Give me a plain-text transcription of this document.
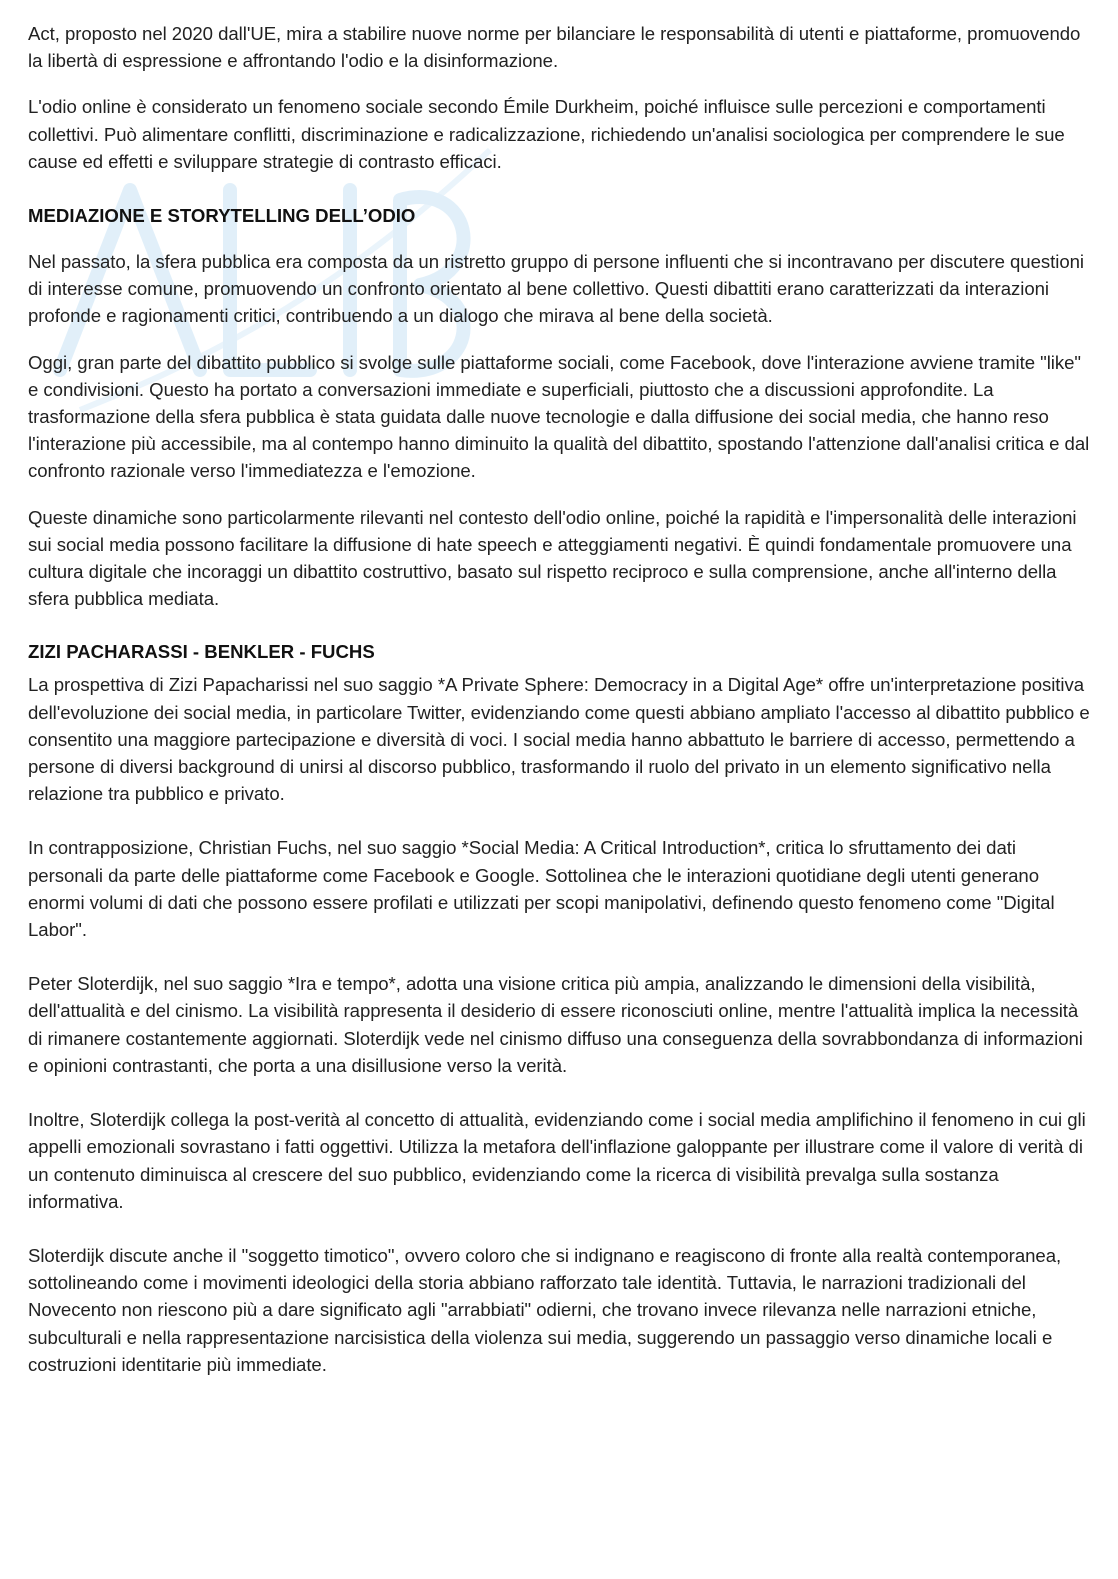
Act, proposto nel 2020 dall'UE, mira a stabilire nuove norme per bilanciare le responsabilità di utenti e piattaforme, promuovendo la libertà di espressione e affrontando l'odio e la disinformazione.

L'odio online è considerato un fenomeno sociale secondo Émile Durkheim, poiché influisce sulle percezioni e comportamenti collettivi. Può alimentare conflitti, discriminazione e radicalizzazione, richiedendo un'analisi sociologica per comprendere le sue cause ed effetti e sviluppare strategie di contrasto efficaci.

MEDIAZIONE E STORYTELLING DELL’ODIO

Nel passato, la sfera pubblica era composta da un ristretto gruppo di persone influenti che si incontravano per discutere questioni di interesse comune, promuovendo un confronto orientato al bene collettivo. Questi dibattiti erano caratterizzati da interazioni profonde e ragionamenti critici, contribuendo a un dialogo che mirava al bene della società.

Oggi, gran parte del dibattito pubblico si svolge sulle piattaforme sociali, come Facebook, dove l'interazione avviene tramite "like" e condivisioni. Questo ha portato a conversazioni immediate e superficiali, piuttosto che a discussioni approfondite. La trasformazione della sfera pubblica è stata guidata dalle nuove tecnologie e dalla diffusione dei social media, che hanno reso l'interazione più accessibile, ma al contempo hanno diminuito la qualità del dibattito, spostando l'attenzione dall'analisi critica e dal confronto razionale verso l'immediatezza e l'emozione.

Queste dinamiche sono particolarmente rilevanti nel contesto dell'odio online, poiché la rapidità e l'impersonalità delle interazioni sui social media possono facilitare la diffusione di hate speech e atteggiamenti negativi. È quindi fondamentale promuovere una cultura digitale che incoraggi un dibattito costruttivo, basato sul rispetto reciproco e sulla comprensione, anche all'interno della sfera pubblica mediata.

ZIZI PACHARASSI - BENKLER - FUCHS

La prospettiva di Zizi Papacharissi nel suo saggio *A Private Sphere: Democracy in a Digital Age* offre un'interpretazione positiva dell'evoluzione dei social media, in particolare Twitter, evidenziando come questi abbiano ampliato l'accesso al dibattito pubblico e consentito una maggiore partecipazione e diversità di voci. I social media hanno abbattuto le barriere di accesso, permettendo a persone di diversi background di unirsi al discorso pubblico, trasformando il ruolo del privato in un elemento significativo nella relazione tra pubblico e privato.

In contrapposizione, Christian Fuchs, nel suo saggio *Social Media: A Critical Introduction*, critica lo sfruttamento dei dati personali da parte delle piattaforme come Facebook e Google. Sottolinea che le interazioni quotidiane degli utenti generano enormi volumi di dati che possono essere profilati e utilizzati per scopi manipolativi, definendo questo fenomeno come "Digital Labor".

Peter Sloterdijk, nel suo saggio *Ira e tempo*, adotta una visione critica più ampia, analizzando le dimensioni della visibilità, dell'attualità e del cinismo. La visibilità rappresenta il desiderio di essere riconosciuti online, mentre l'attualità implica la necessità di rimanere costantemente aggiornati. Sloterdijk vede nel cinismo diffuso una conseguenza della sovrabbondanza di informazioni e opinioni contrastanti, che porta a una disillusione verso la verità.

Inoltre, Sloterdijk collega la post-verità al concetto di attualità, evidenziando come i social media amplifichino il fenomeno in cui gli appelli emozionali sovrastano i fatti oggettivi. Utilizza la metafora dell'inflazione galoppante per illustrare come il valore di verità di un contenuto diminuisca al crescere del suo pubblico, evidenziando come la ricerca di visibilità prevalga sulla sostanza informativa.

Sloterdijk discute anche il "soggetto timotico", ovvero coloro che si indignano e reagiscono di fronte alla realtà contemporanea, sottolineando come i movimenti ideologici della storia abbiano rafforzato tale identità. Tuttavia, le narrazioni tradizionali del Novecento non riescono più a dare significato agli "arrabbiati" odierni, che trovano invece rilevanza nelle narrazioni etniche, subculturali e nella rappresentazione narcisistica della violenza sui media, suggerendo un passaggio verso dinamiche locali e costruzioni identitarie più immediate.
